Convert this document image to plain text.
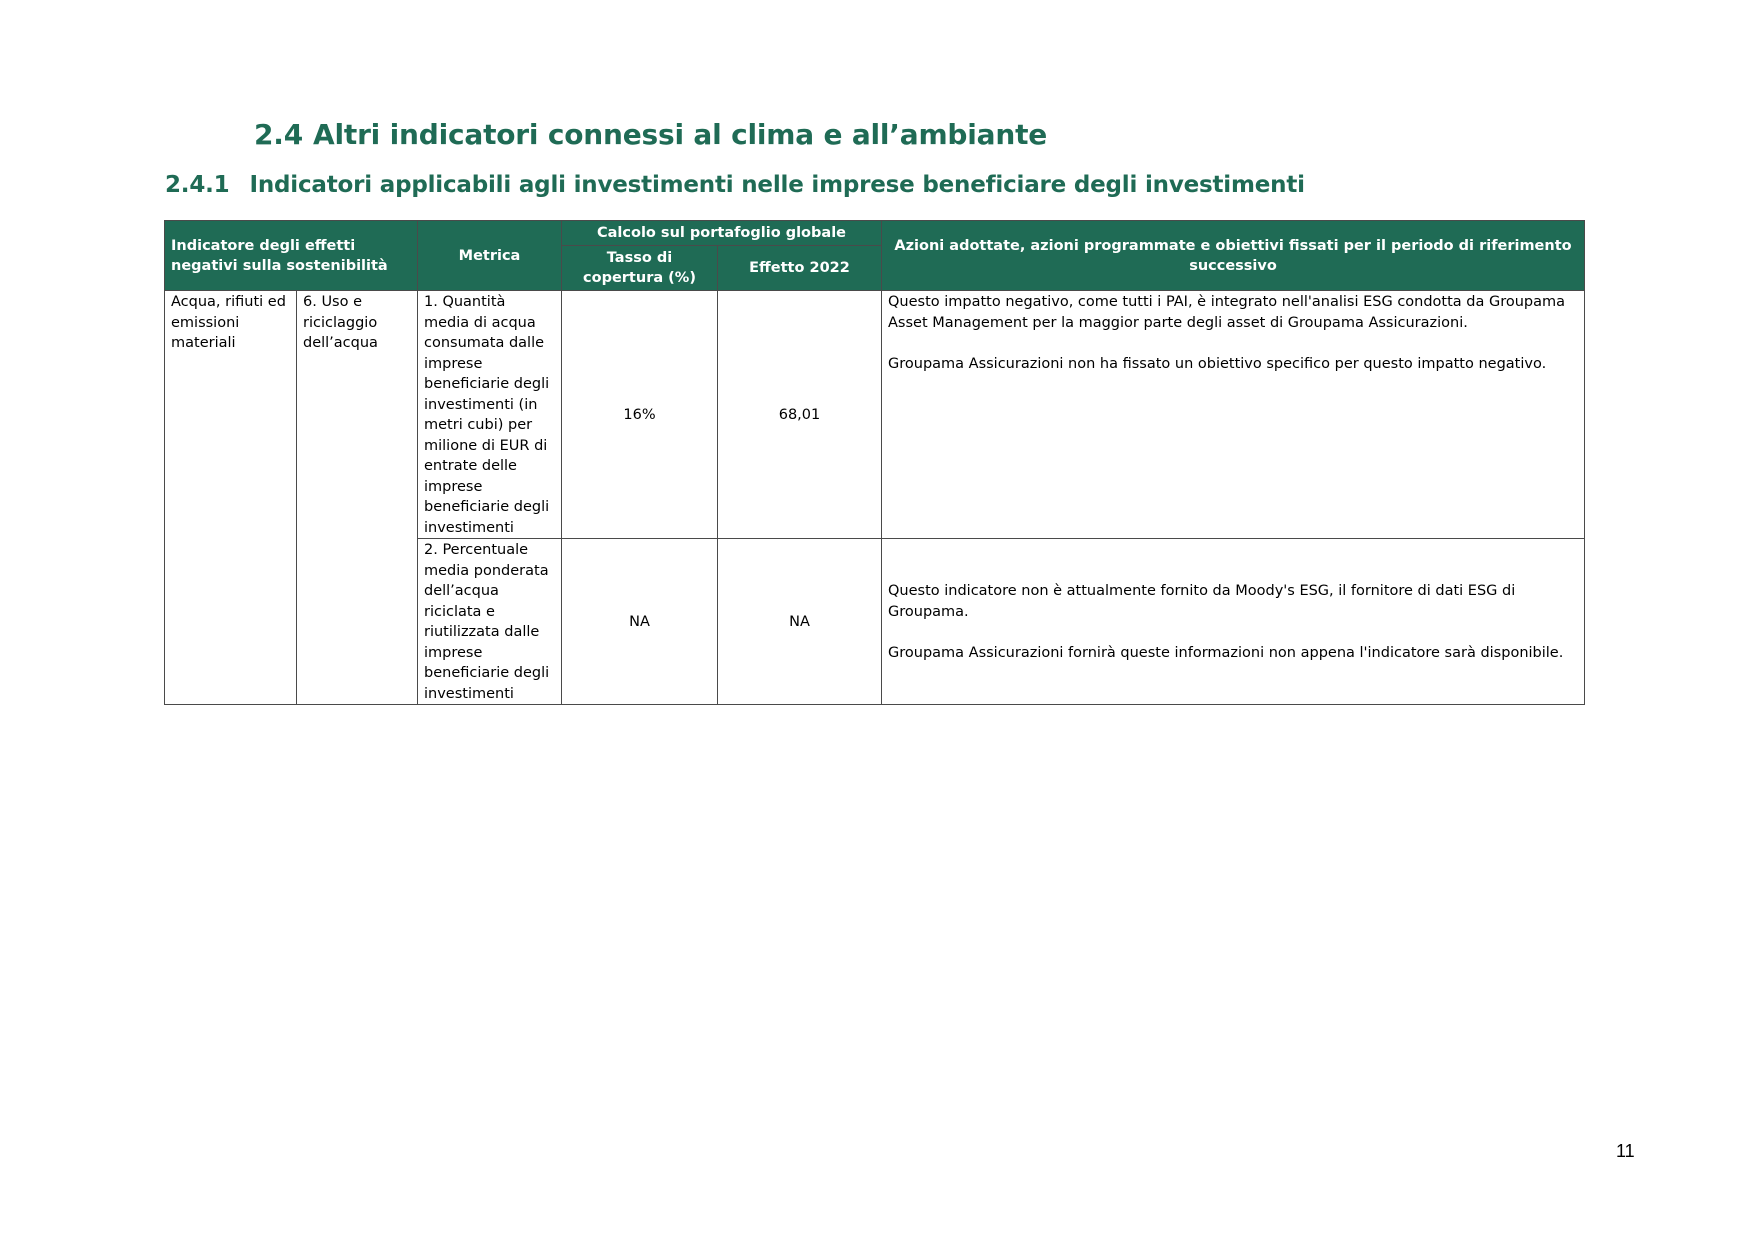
2.4 Altri indicatori connessi al clima e all’ambiante
2.4.1 Indicatori applicabili agli investimenti nelle imprese beneficiare degli investimenti
Indicatore degli effetti negativi sulla sostenibilità		Metrica	Calcolo sul portafoglio globale		Azioni adottate, azioni programmate e obiettivi fissati per il periodo di riferimento successivo
			Tasso di copertura (%)	Effetto 2022	
Acqua, rifiuti ed emissioni materiali	6. Uso e riciclaggio dell’acqua	1. Quantità media di acqua consumata dalle imprese beneficiarie degli investimenti (in metri cubi) per milione di EUR di entrate delle imprese beneficiarie degli investimenti	16%	68,01	Questo impatto negativo, come tutti i PAI, è integrato nell'analisi ESG condotta da Groupama Asset Management per la maggior parte degli asset di Groupama Assicurazioni.
Groupama Assicurazioni non ha fissato un obiettivo specifico per questo impatto negativo.

		2. Percentuale media ponderata dell’acqua riciclata e riutilizzata dalle imprese beneficiarie degli investimenti	NA	NA	Questo indicatore non è attualmente fornito da Moody's ESG, il fornitore di dati ESG di Groupama.
Groupama Assicurazioni fornirà queste informazioni non appena l'indicatore sarà disponibile.
11
